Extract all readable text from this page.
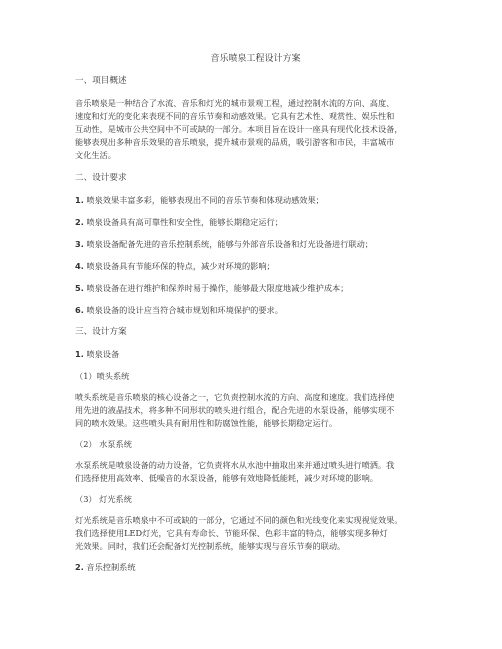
音乐喷泉工程设计方案
一、项目概述
音乐喷泉是一种结合了水流、音乐和灯光的城市景观工程，通过控制水流的方向、高度、
速度和灯光的变化来表现不同的音乐节奏和动感效果。它具有艺术性、观赏性、娱乐性和
互动性，是城市公共空间中不可或缺的一部分。本项目旨在设计一座具有现代化技术设备，
能够表现出多种音乐效果的音乐喷泉，提升城市景观的品质，吸引游客和市民，丰富城市
文化生活。
二、设计要求
1. 喷泉效果丰富多彩，能够表现出不同的音乐节奏和体现动感效果；
2. 喷泉设备具有高可靠性和安全性，能够长期稳定运行；
3. 喷泉设备配备先进的音乐控制系统，能够与外部音乐设备和灯光设备进行联动；
4. 喷泉设备具有节能环保的特点，减少对环境的影响；
5. 喷泉设备在进行维护和保养时易于操作，能够最大限度地减少维护成本；
6. 喷泉设备的设计应当符合城市规划和环境保护的要求。
三、设计方案
1. 喷泉设备
（1）喷头系统
喷头系统是音乐喷泉的核心设备之一，它负责控制水流的方向、高度和速度。我们选择使
用先进的液晶技术，将多种不同形状的喷头进行组合，配合先进的水泵设备，能够实现不
同的喷水效果。这些喷头具有耐用性和防腐蚀性能，能够长期稳定运行。
（2） 水泵系统
水泵系统是喷泉设备的动力设备，它负责将水从水池中抽取出来并通过喷头进行喷洒。我
们选择使用高效率、低噪音的水泵设备，能够有效地降低能耗，减少对环境的影响。
（3） 灯光系统
灯光系统是音乐喷泉中不可或缺的一部分，它通过不同的颜色和光线变化来实现视觉效果。
我们选择使用LED灯光，它具有寿命长、节能环保、色彩丰富的特点，能够实现多种灯
光效果。同时，我们还会配备灯光控制系统，能够实现与音乐节奏的联动。
2. 音乐控制系统
